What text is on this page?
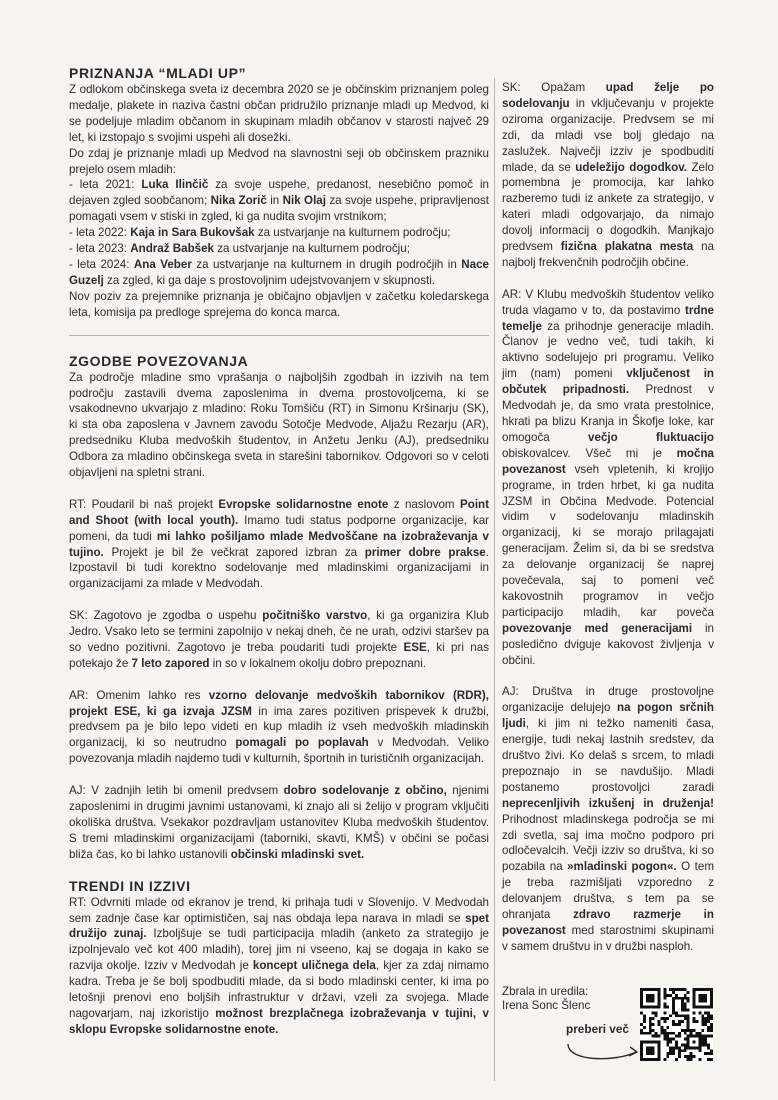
PRIZNANJA “MLADI UP”

Z odlokom občinskega sveta iz decembra 2020 se je občinskim priznanjem poleg medalje, plakete in naziva častni občan pridružilo priznanje mladi up Medvod, ki se podeljuje mladim občanom in skupinam mladih občanov v starosti največ 29 let, ki izstopajo s svojimi uspehi ali dosežki.

Do zdaj je priznanje mladi up Medvod na slavnostni seji ob občinskem prazniku prejelo osem mladih:

- leta 2021: Luka Ilinčič za svoje uspehe, predanost, nesebično pomoč in dejaven zgled soobčanom; Nika Zorič in Nik Olaj za svoje uspehe, pripravljenost pomagati vsem v stiski in zgled, ki ga nudita svojim vrstnikom;
- leta 2022: Kaja in Sara Bukovšak za ustvarjanje na kulturnem področju;
- leta 2023: Andraž Babšek za ustvarjanje na kulturnem področju;
- leta 2024: Ana Veber za ustvarjanje na kulturnem in drugih področjih in Nace Guzelj za zgled, ki ga daje s prostovoljnim udejstvovanjem v skupnosti.

Nov poziv za prejemnike priznanja je običajno objavljen v začetku koledarskega leta, komisija pa predloge sprejema do konca marca.

ZGODBE POVEZOVANJA

Za področje mladine smo vprašanja o najboljših zgodbah in izzivih na tem področju zastavili dvema zaposlenima in dvema prostovoljcema, ki se vsakodnevno ukvarjajo z mladino: Roku Tomšiču (RT) in Simonu Kršinarju (SK), ki sta oba zaposlena v Javnem zavodu Sotočje Medvode, Aljažu Rezarju (AR), predsedniku Kluba medvoških študentov, in Anžetu Jenku (AJ), predsedniku Odbora za mladino občinskega sveta in starešini tabornikov. Odgovori so v celoti objavljeni na spletni strani.

RT: Poudaril bi naš projekt Evropske solidarnostne enote z naslovom Point and Shoot (with local youth). Imamo tudi status podporne organizacije, kar pomeni, da tudi mi lahko pošiljamo mlade Medvoščane na izobraževanja v tujino. Projekt je bil že večkrat zapored izbran za primer dobre prakse. Izpostavil bi tudi korektno sodelovanje med mladinskimi organizacijami in organizacijami za mlade v Medvodah.

SK: Zagotovo je zgodba o uspehu počitniško varstvo, ki ga organizira Klub Jedro. Vsako leto se termini zapolnijo v nekaj dneh, če ne urah, odzivi staršev pa so vedno pozitivni. Zagotovo je treba poudariti tudi projekte ESE, ki pri nas potekajo že 7 leto zapored in so v lokalnem okolju dobro prepoznani.

AR: Omenim lahko res vzorno delovanje medvoških tabornikov (RDR), projekt ESE, ki ga izvaja JZSM in ima zares pozitiven prispevek k družbi, predvsem pa je bilo lepo videti en kup mladih iz vseh medvoških mladinskih organizacij, ki so neutrudno pomagali po poplavah v Medvodah. Veliko povezovanja mladih najdemo tudi v kulturnih, športnih in turističnih organizacijah.

AJ: V zadnjih letih bi omenil predvsem dobro sodelovanje z občino, njenimi zaposlenimi in drugimi javnimi ustanovami, ki znajo ali si želijo v program vključiti okoliška društva. Vsekakor pozdravljam ustanovitev Kluba medvoških študentov. S tremi mladinskimi organizacijami (taborniki, skavti, KMŠ) v občini se počasi bliža čas, ko bi lahko ustanovili občinski mladinski svet.

TRENDI IN IZZIVI

RT: Odvrniti mlade od ekranov je trend, ki prihaja tudi v Slovenijo. V Medvodah sem zadnje čase kar optimističen, saj nas obdaja lepa narava in mladi se spet družijo zunaj. Izboljšuje se tudi participacija mladih (anketo za strategijo je izpolnjevalo več kot 400 mladih), torej jim ni vseeno, kaj se dogaja in kako se razvija okolje. Izziv v Medvodah je koncept uličnega dela, kjer za zdaj nimamo kadra. Treba je še bolj spodbuditi mlade, da si bodo mladinski center, ki ima po letošnji prenovi eno boljših infrastruktur v državi, vzeli za svojega. Mlade nagovarjam, naj izkoristijo možnost brezplačnega izobraževanja v tujini, v sklopu Evropske solidarnostne enote.

SK: Opažam upad želje po sodelovanju in vključevanju v projekte oziroma organizacije. Predvsem se mi zdi, da mladi vse bolj gledajo na zaslužek. Največji izziv je spodbuditi mlade, da se udeležijo dogodkov. Zelo pomembna je promocija, kar lahko razberemo tudi iz ankete za strategijo, v kateri mladi odgovarjajo, da nimajo dovolj informacij o dogodkih. Manjkajo predvsem fizična plakatna mesta na najbolj frekvenčnih področjih občine.

AR: V Klubu medvoških študentov veliko truda vlagamo v to, da postavimo trdne temelje za prihodnje generacije mladih. Članov je vedno več, tudi takih, ki aktivno sodelujejo pri programu. Veliko jim (nam) pomeni vključenost in občutek pripadnosti. Prednost v Medvodah je, da smo vrata prestolnice, hkrati pa blizu Kranja in Škofje loke, kar omogoča večjo fluktuacijo obiskovalcev. Všeč mi je močna povezanost vseh vpletenih, ki krojijo programe, in trden hrbet, ki ga nudita JZSM in Občina Medvode. Potencial vidim v sodelovanju mladinskih organizacij, ki se morajo prilagajati generacijam. Želim si, da bi se sredstva za delovanje organizacij še naprej povečevala, saj to pomeni več kakovostnih programov in večjo participacijo mladih, kar poveča povezovanje med generacijami in posledično dviguje kakovost življenja v občini.

AJ: Društva in druge prostovoljne organizacije delujejo na pogon srčnih ljudi, ki jim ni težko nameniti časa, energije, tudi nekaj lastnih sredstev, da društvo živi. Ko delaš s srcem, to mladi prepoznajo in se navdušijo. Mladi postanemo prostovoljci zaradi neprecenljivih izkušenj in druženja! Prihodnost mladinskega področja se mi zdi svetla, saj ima močno podporo pri odločevalcih. Večji izziv so društva, ki so pozabila na »mladinski pogon«. O tem je treba razmišljati vzporedno z delovanjem društva, s tem pa se ohranjata zdravo razmerje in povezanost med starostnimi skupinami v samem društvu in v družbi nasploh.

Zbrala in uredila:
Irena Sonc Šlenc
preberi več
